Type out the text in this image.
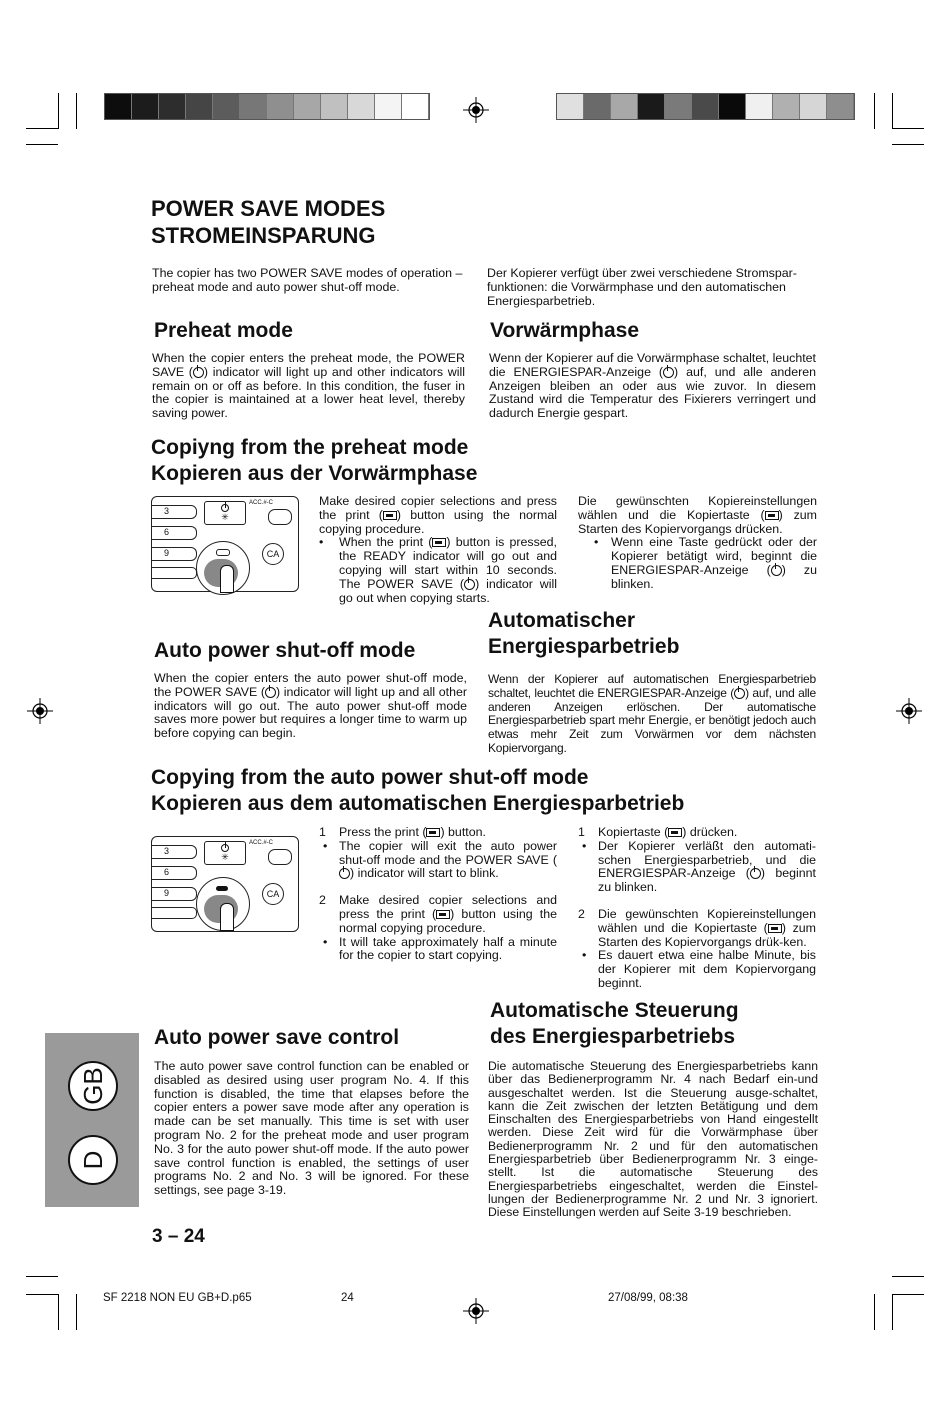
POWER SAVE MODES
STROMEINSPARUNG

The copier has two POWER SAVE modes of operation – preheat mode and auto power shut-off mode.

Der Kopierer verfügt über zwei verschiedene Stromspar-funktionen: die Vorwärmphase und den automatischen Energiesparbetrieb.

Preheat mode	Vorwärmphase

When the copier enters the preheat mode, the POWER SAVE ( ) indicator will light up and other indicators will remain on or off as before. In this condition, the fuser in the copier is maintained at a lower heat level, thereby saving power.

Wenn der Kopierer auf die Vorwärmphase schaltet, leuchtet die ENERGIESPAR-Anzeige ( ) auf, und alle anderen Anzeigen bleiben an oder aus wie zuvor. In diesem Zustand wird die Temperatur des Fixierers verringert und dadurch Energie gespart.

Copiyng from the preheat mode
Kopieren aus der Vorwärmphase

✳
ACC.#-C
3
6
9	CA

Make desired copier selections and press the print ( ) button using the normal copying procedure.

• When the print ( ) button is pressed, the READY indicator will go out and copying will start within 10 seconds. The POWER SAVE ( ) indicator will go out when copying starts.

Die gewünschten Kopiereinstellungen wählen und die Kopiertaste ( ) zum Starten des Kopiervorgangs drücken.

• Wenn eine Taste gedrückt oder der Kopierer betätigt wird, beginnt die ENERGIESPAR-Anzeige ( ) zu blinken.
Automatischer
Energiesparbetrieb
Auto power shut-off mode

When the copier enters the auto power shut-off mode, the POWER SAVE ( ) indicator will light up and all other indicators will go out. The auto power shut-off mode saves more power but requires a longer time to warm up before copying can begin.

Wenn der Kopierer auf automatischen Energiesparbetrieb schaltet, leuchtet die ENERGIESPAR-Anzeige ( ) auf, und alle anderen Anzeigen erlöschen. Der automatische Energiesparbetrieb spart mehr Energie, er benötigt jedoch auch etwas mehr Zeit zum Vorwärmen vor dem nächsten Kopiervorgang.

Copying from the auto power shut-off mode
Kopieren aus dem automatischen Energiesparbetrieb

✳
ACC.#-C
3
6
9	CA
1 Press the print ( ) button.
• The copier will exit the auto power shut-off mode and the POWER SAVE () indicator will start to blink.
2 Make desired copier selections and press the print ( ) button using the normal copying procedure.
• It will take approximately half a minute for the copier to start copying.
1 Kopiertaste ( ) drücken.
• Der Kopierer verläßt den automati-schen Energiesparbetrieb, und die ENERGIESPAR-Anzeige ( ) beginnt zu blinken.
2 Die gewünschten Kopiereinstellungen wählen und die Kopiertaste ( ) zum Starten des Kopiervorgangs drük-ken.
• Es dauert etwa eine halbe Minute, bis der Kopierer mit dem Kopiervorgang beginnt.
Automatische Steuerung
des Energiesparbetriebs
Auto power save control

The auto power save control function can be enabled or disabled as desired using user program No. 4. If this function is disabled, the time that elapses before the copier enters a power save mode after any operation is made can be set manually. This time is set with user program No. 2 for the preheat mode and user program No. 3 for the auto power shut-off mode. If the auto power save control function is enabled, the settings of user programs No. 2 and No. 3 will be ignored. For these settings, see page 3-19.

Die automatische Steuerung des Energiesparbetriebs kann über das Bedienerprogramm Nr. 4 nach Bedarf ein-und ausgeschaltet werden. Ist die Steuerung ausge-schaltet, kann die Zeit zwischen der letzten Betätigung und dem Einschalten des Energiesparbetriebs von Hand eingestellt werden. Diese Zeit wird für die Vorwärmphase über Bedienerprogramm Nr. 2 und für den automatischen Energiesparbetrieb über Bedienerprogramm Nr. 3 einge-stellt. Ist die automatische Steuerung des Energiesparbetriebs eingeschaltet, werden die Einstel-lungen der Bedienerprogramme Nr. 2 und Nr. 3 ignoriert. Diese Einstellungen werden auf Seite 3-19 beschrieben.

GB
D
3 – 24
SF 2218 NON EU GB+D.p65	24	27/08/99, 08:38
